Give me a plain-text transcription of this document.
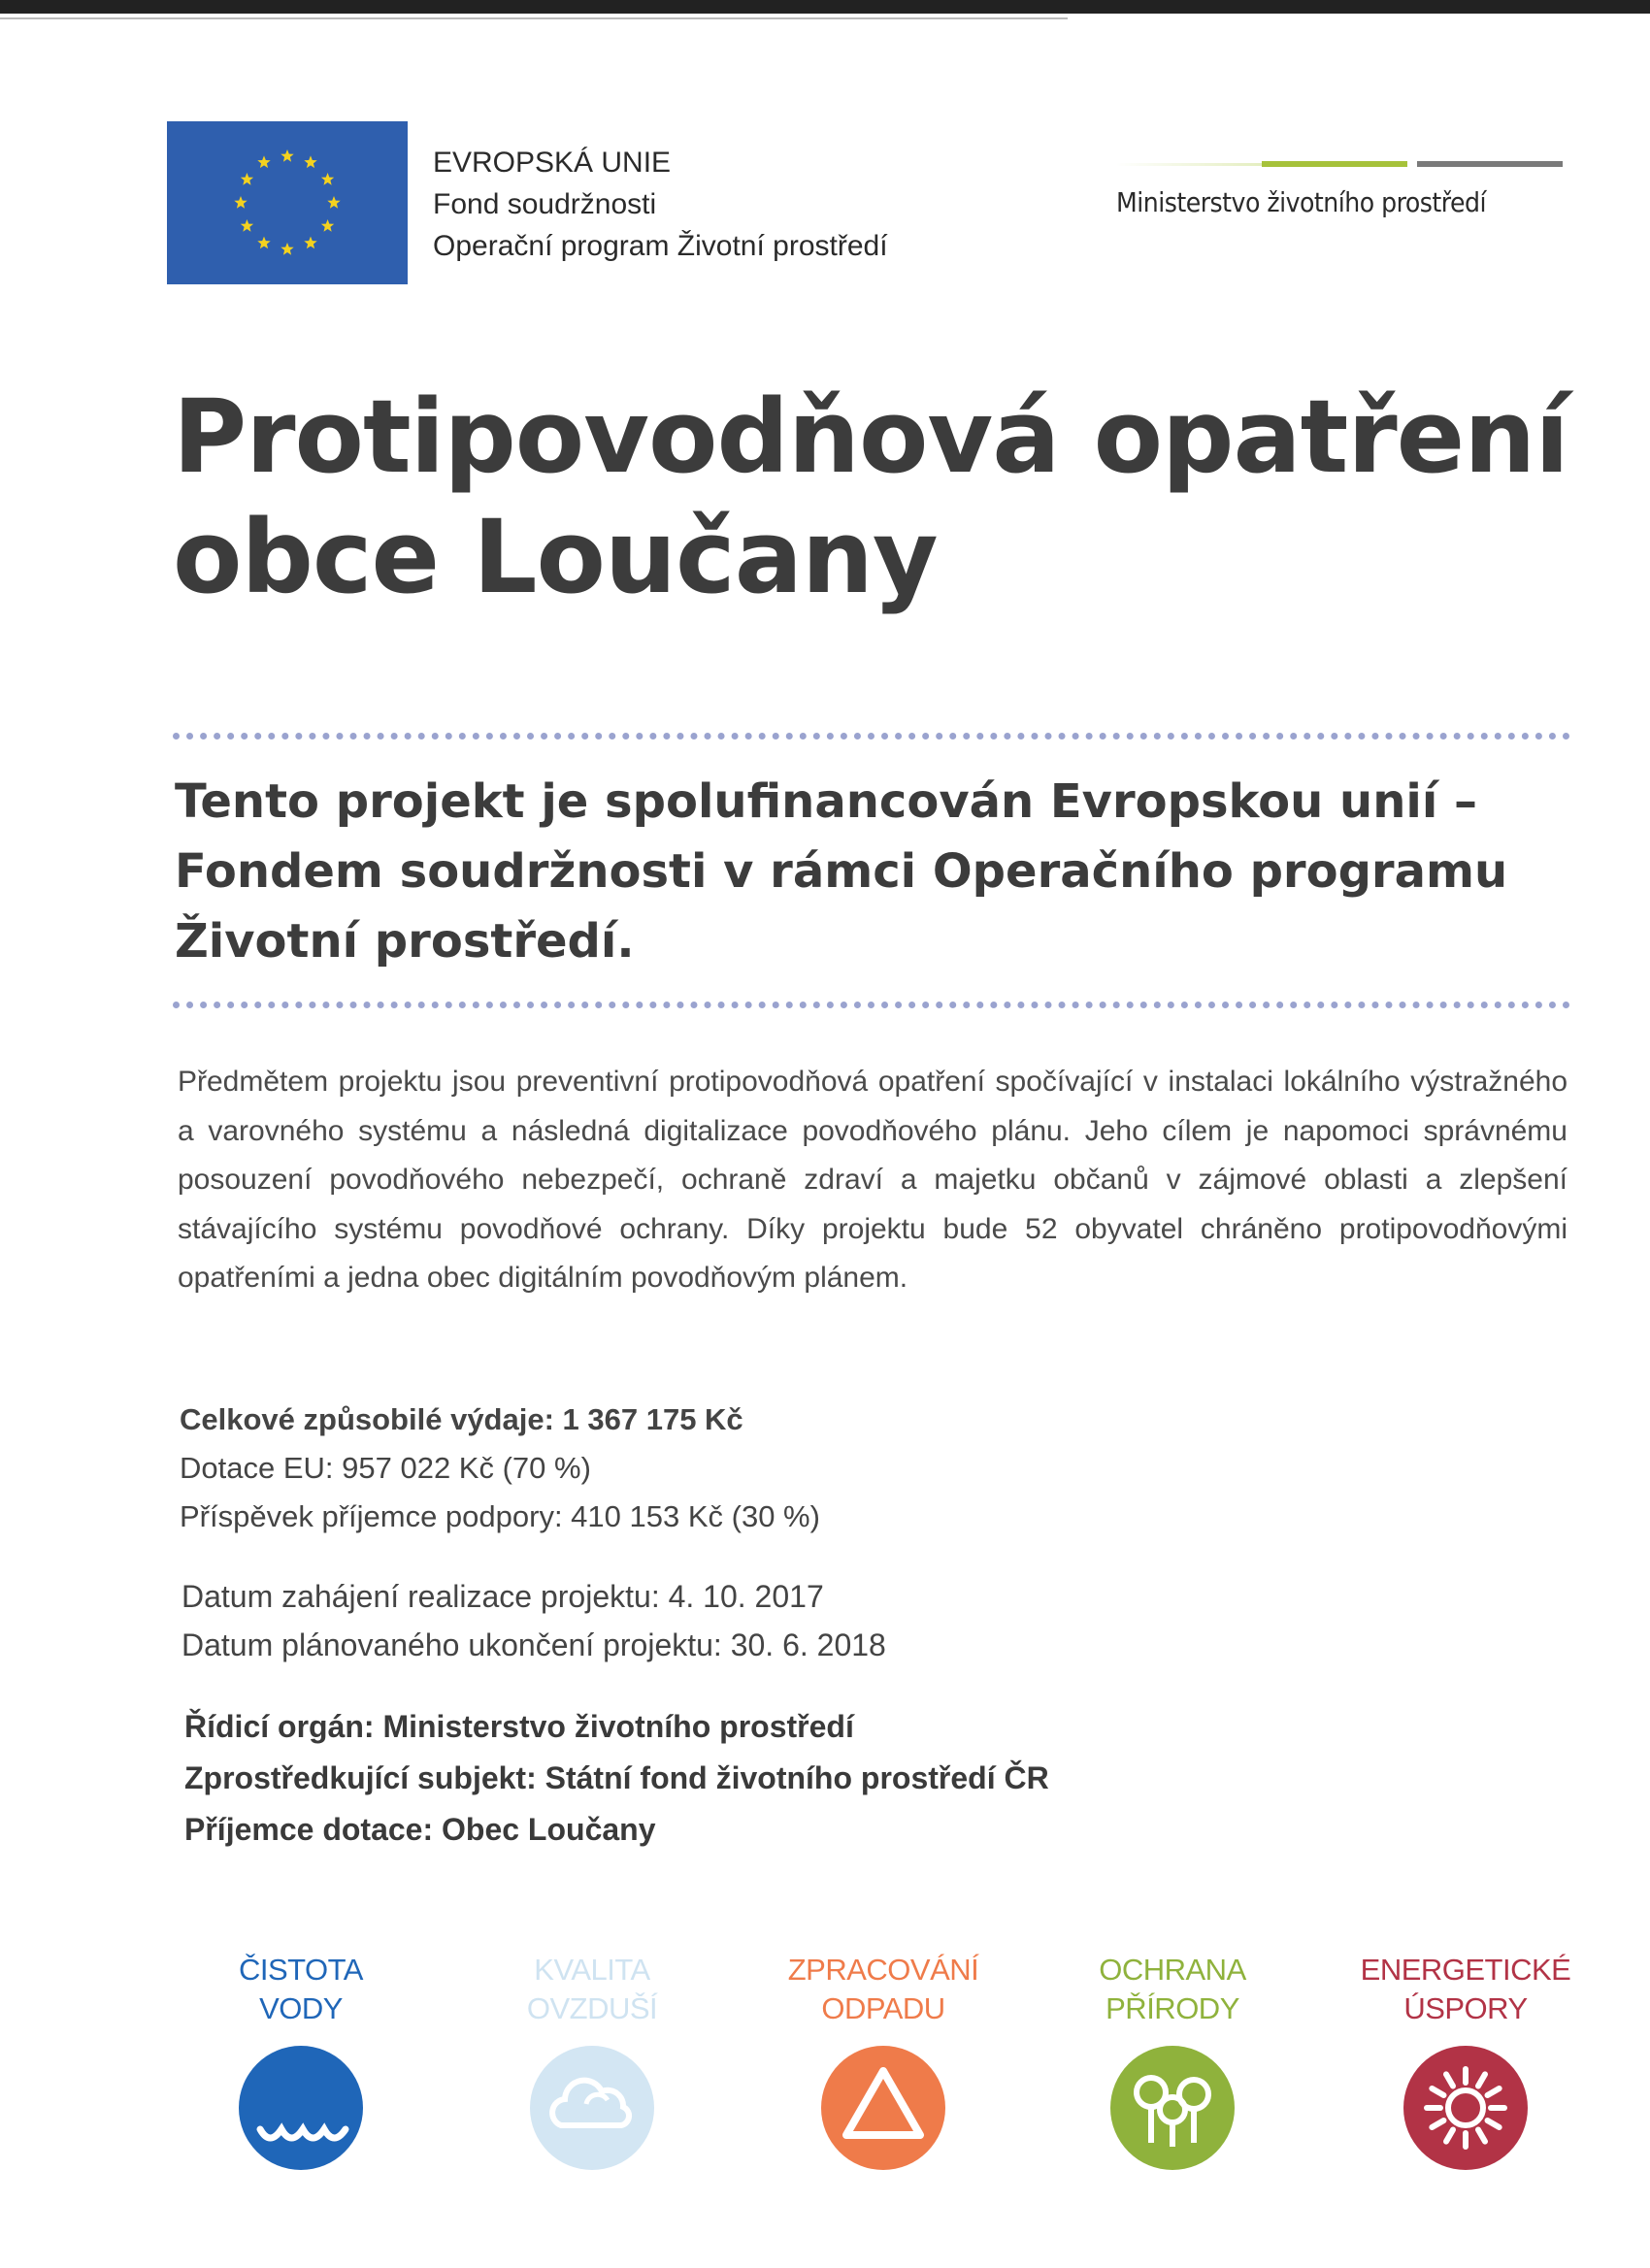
EVROPSKÁ UNIE
Fond soudržnosti
Operační program Životní prostředí
Ministerstvo životního prostředí
Protipovodňová opatření
obce Loučany
Tento projekt je spolufinancován Evropskou unií – Fondem soudržnosti v rámci Operačního programu Životní prostředí.
Předmětem projektu jsou preventivní protipovodňová opatření spočívající v instalaci lokálního výstražného a varovného systému a následná digitalizace povodňového plánu. Jeho cílem je napomoci správnému posouzení povodňového nebezpečí, ochraně zdraví a majetku občanů v zájmové oblasti a zlepšení stávajícího systému povodňové ochrany. Díky projektu bude 52 obyvatel chráněno protipovodňovými opatřeními a jedna obec digitálním povodňovým plánem.
Celkové způsobilé výdaje: 1 367 175 Kč
Dotace EU: 957 022 Kč (70 %)
Příspěvek příjemce podpory: 410 153 Kč (30 %)
Datum zahájení realizace projektu: 4. 10. 2017
Datum plánovaného ukončení projektu: 30. 6. 2018
Řídicí orgán: Ministerstvo životního prostředí
Zprostředkující subjekt: Státní fond životního prostředí ČR
Příjemce dotace: Obec Loučany
ČISTOTA
VODY
KVALITA
OVZDUŠÍ
ZPRACOVÁNÍ
ODPADU
OCHRANA
PŘÍRODY
ENERGETICKÉ
ÚSPORY
